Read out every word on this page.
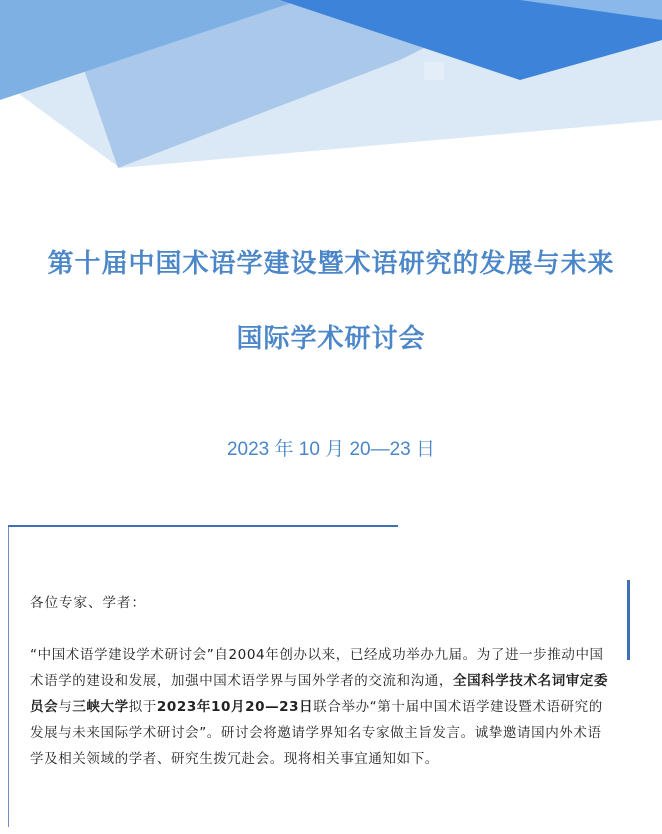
第十届中国术语学建设暨术语研究的发展与未来
国际学术研讨会
2023 年 10 月 20—23 日
各位专家、学者：

“中国术语学建设学术研讨会”自2004年创办以来，已经成功举办九届。为了进一步推动中国术语学的建设和发展，加强中国术语学界与国外学者的交流和沟通，全国科学技术名词审定委员会与三峡大学拟于2023年10月20—23日联合举办“第十届中国术语学建设暨术语研究的发展与未来国际学术研讨会”。研讨会将邀请学界知名专家做主旨发言。诚挚邀请国内外术语学及相关领域的学者、研究生拨冗赴会。现将相关事宜通知如下。
